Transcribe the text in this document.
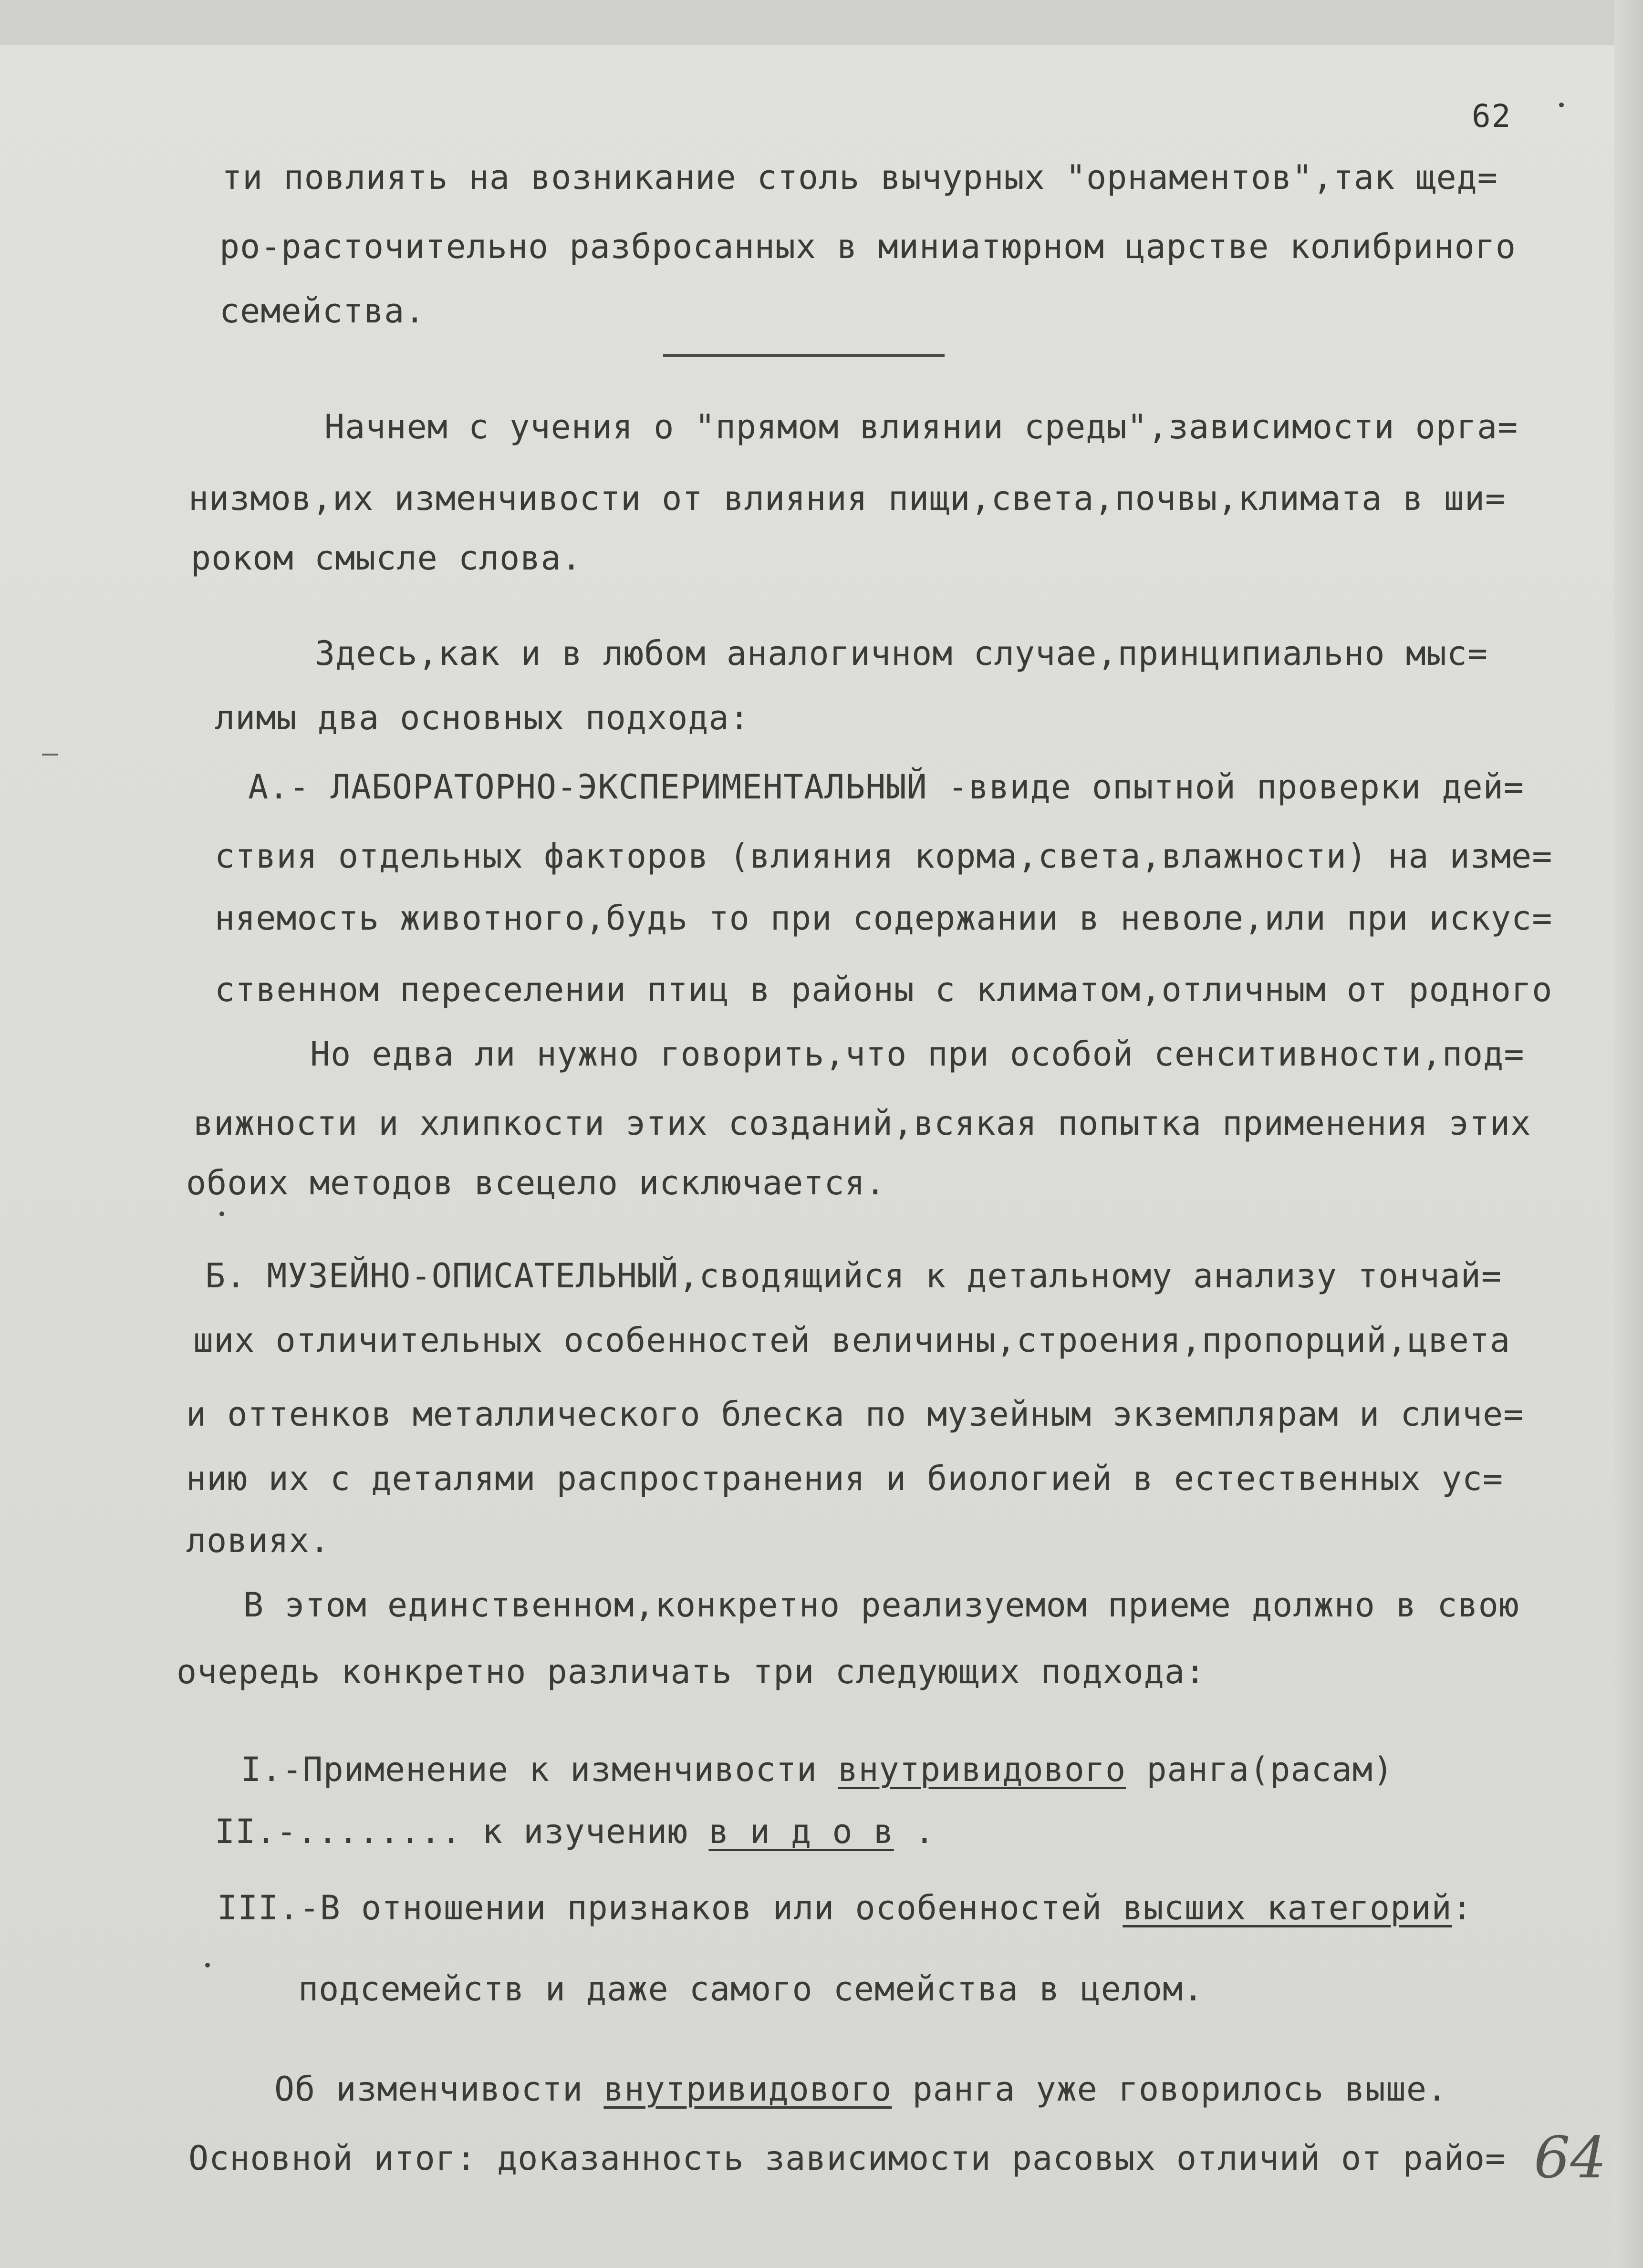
62
ти повлиять на возникание столь вычурных "орнаментов",так щед=
ро-расточительно разбросанных в миниатюрном царстве колибриного
семейства.
Начнем с учения о "прямом влиянии среды",зависимости орга=
низмов,их изменчивости от влияния пищи,света,почвы,климата в ши=
роком смысле слова.
Здесь,как и в любом аналогичном случае,принципиально мыс=
лимы два основных подхода:
А.- ЛАБОРАТОРНО-ЭКСПЕРИМЕНТАЛЬНЫЙ -ввиде опытной проверки дей=
ствия отдельных факторов (влияния корма,света,влажности) на изме=
няемость животного,будь то при содержании в неволе,или при искус=
ственном переселении птиц в районы с климатом,отличным от родного
Но едва ли нужно говорить,что при особой сенситивности,под=
вижности и хлипкости этих созданий,всякая попытка применения этих
обоих методов всецело исключается.
Б. МУЗЕЙНО-ОПИСАТЕЛЬНЫЙ,сводящийся к детальному анализу тончай=
ших отличительных особенностей величины,строения,пропорций,цвета
и оттенков металлического блеска по музейным экземплярам и сличе=
нию их с деталями распространения и биологией в естественных ус=
ловиях.
В этом единственном,конкретно реализуемом приеме должно в свою
очередь конкретно различать три следующих подхода:
I.-Применение к изменчивости внутривидового ранга(расам)
II.-........ к изучению в и д о в .
III.-В отношении признаков или особенностей высших категорий:
подсемейств и даже самого семейства в целом.
Об изменчивости внутривидового ранга уже говорилось выше.
Основной итог: доказанность зависимости расовых отличий от райо= 64
